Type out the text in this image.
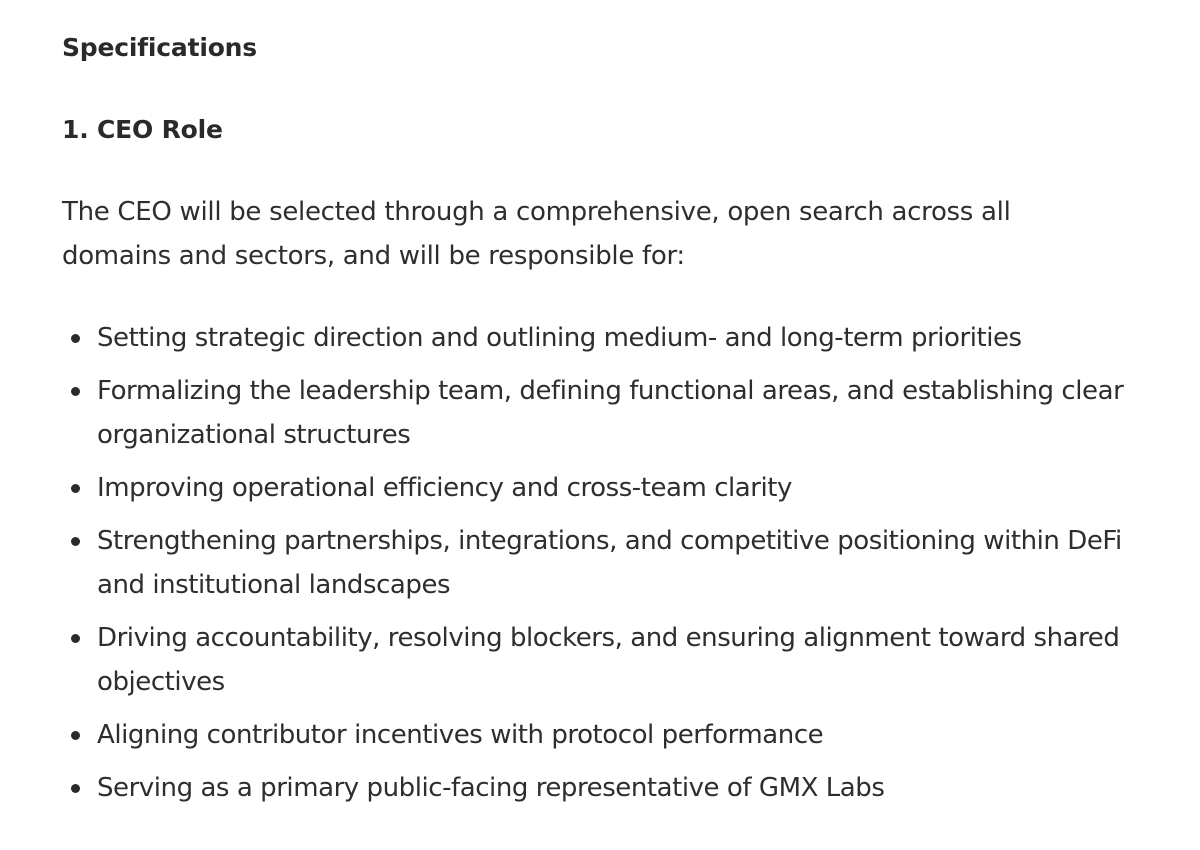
Specifications
1. CEO Role

The CEO will be selected through a comprehensive, open search across all domains and sectors, and will be responsible for:

Setting strategic direction and outlining medium- and long-term priorities
Formalizing the leadership team, defining functional areas, and establishing clear organizational structures
Improving operational efficiency and cross-team clarity
Strengthening partnerships, integrations, and competitive positioning within DeFi and institutional landscapes
Driving accountability, resolving blockers, and ensuring alignment toward shared objectives
Aligning contributor incentives with protocol performance
Serving as a primary public-facing representative of GMX Labs
